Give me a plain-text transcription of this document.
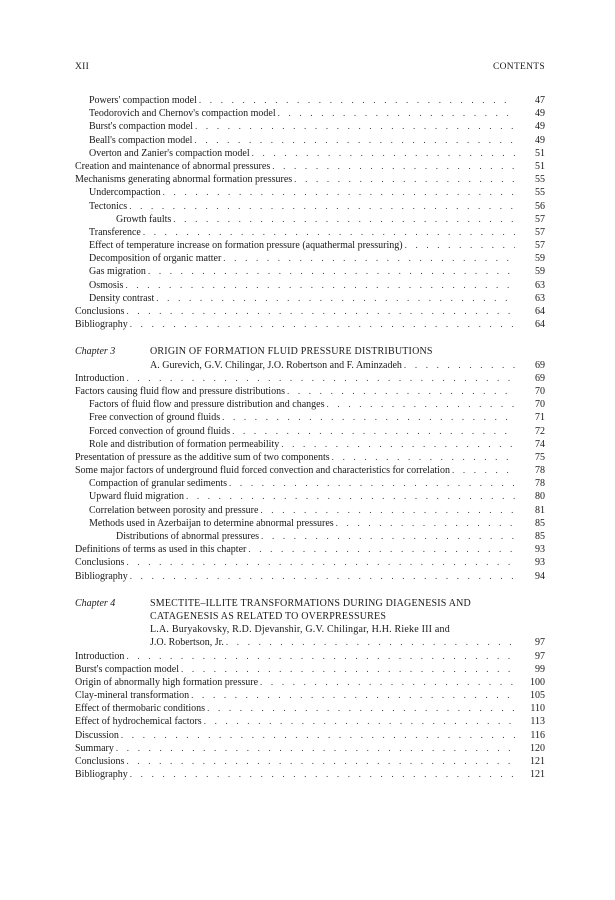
XII	CONTENTS
Powers' compaction model . . .	47
Teodorovich and Chernov's compaction model . . .	49
Burst's compaction model . . .	49
Beall's compaction model . . .	49
Overton and Zanier's compaction model . . .	51
Creation and maintenance of abnormal pressures . . .	51
Mechanisms generating abnormal formation pressures . . .	55
Undercompaction . . .	55
Tectonics . . .	56
Growth faults . . .	57
Transference . . .	57
Effect of temperature increase on formation pressure (aquathermal pressuring) . . .	57
Decomposition of organic matter . . .	59
Gas migration . . .	59
Osmosis . . .	63
Density contrast . . .	63
Conclusions . . .	64
Bibliography . . .	64
Chapter 3	ORIGIN OF FORMATION FLUID PRESSURE DISTRIBUTIONS
A. Gurevich, G.V. Chilingar, J.O. Robertson and F. Aminzadeh . . .	69
Introduction . . .	69
Factors causing fluid flow and pressure distributions . . .	70
Factors of fluid flow and pressure distribution and changes . . .	70
Free convection of ground fluids . . .	71
Forced convection of ground fluids . . .	72
Role and distribution of formation permeability . . .	74
Presentation of pressure as the additive sum of two components . . .	75
Some major factors of underground fluid forced convection and characteristics for correlation . . .	78
Compaction of granular sediments . . .	78
Upward fluid migration . . .	80
Correlation between porosity and pressure . . .	81
Methods used in Azerbaijan to determine abnormal pressures . . .	85
Distributions of abnormal pressures . . .	85
Definitions of terms as used in this chapter . . .	93
Conclusions . . .	93
Bibliography . . .	94
Chapter 4	SMECTITE–ILLITE TRANSFORMATIONS DURING DIAGENESIS AND
CATAGENESIS AS RELATED TO OVERPRESSURES
L.A. Buryakovsky, R.D. Djevanshir, G.V. Chilingar, H.H. Rieke III and
J.O. Robertson, Jr. . . .	97
Introduction . . .	97
Burst's compaction model . . .	99
Origin of abnormally high formation pressure . . .	100
Clay-mineral transformation . . .	105
Effect of thermobaric conditions . . .	110
Effect of hydrochemical factors . . .	113
Discussion . . .	116
Summary . . .	120
Conclusions . . .	121
Bibliography . . .	121
